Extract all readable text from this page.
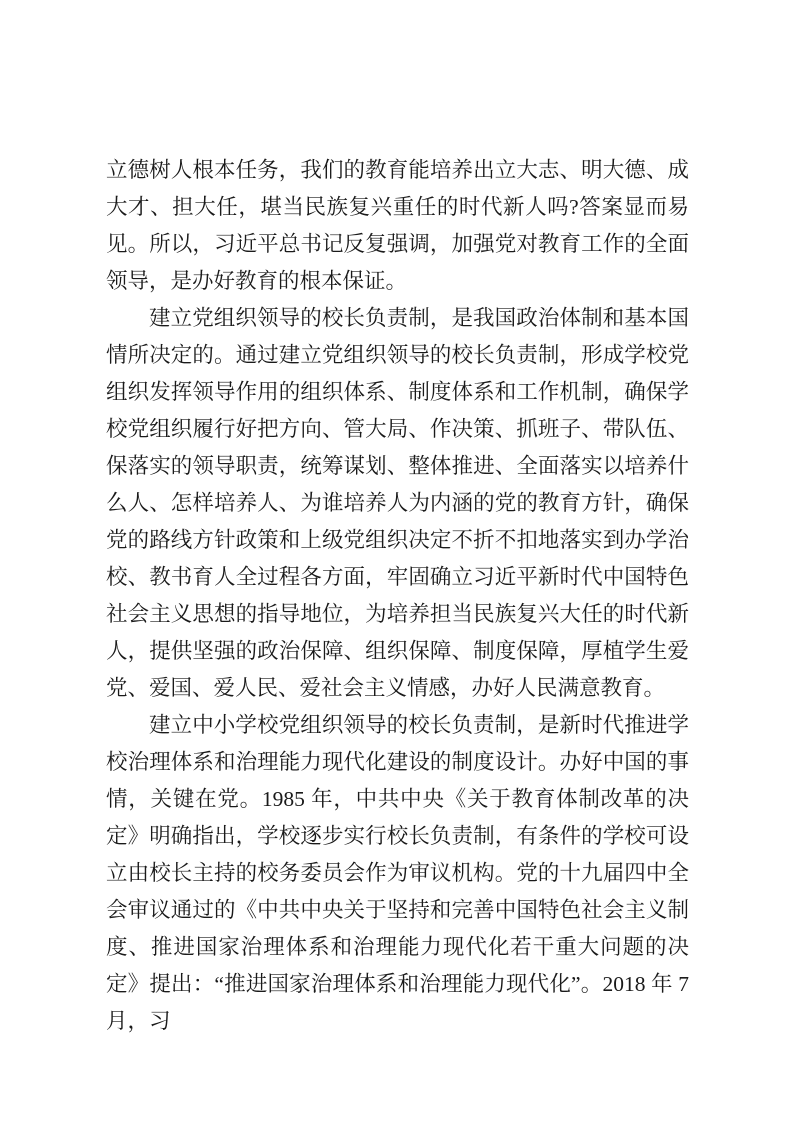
立德树人根本任务，我们的教育能培养出立大志、明大德、成大才、担大任，堪当民族复兴重任的时代新人吗?答案显而易见。所以，习近平总书记反复强调，加强党对教育工作的全面领导，是办好教育的根本保证。

建立党组织领导的校长负责制，是我国政治体制和基本国情所决定的。通过建立党组织领导的校长负责制，形成学校党组织发挥领导作用的组织体系、制度体系和工作机制，确保学校党组织履行好把方向、管大局、作决策、抓班子、带队伍、保落实的领导职责，统筹谋划、整体推进、全面落实以培养什么人、怎样培养人、为谁培养人为内涵的党的教育方针，确保党的路线方针政策和上级党组织决定不折不扣地落实到办学治校、教书育人全过程各方面，牢固确立习近平新时代中国特色社会主义思想的指导地位，为培养担当民族复兴大任的时代新人，提供坚强的政治保障、组织保障、制度保障，厚植学生爱党、爱国、爱人民、爱社会主义情感，办好人民满意教育。

建立中小学校党组织领导的校长负责制，是新时代推进学校治理体系和治理能力现代化建设的制度设计。办好中国的事情，关键在党。1985 年，中共中央《关于教育体制改革的决定》明确指出，学校逐步实行校长负责制，有条件的学校可设立由校长主持的校务委员会作为审议机构。党的十九届四中全会审议通过的《中共中央关于坚持和完善中国特色社会主义制度、推进国家治理体系和治理能力现代化若干重大问题的决定》提出：“推进国家治理体系和治理能力现代化”。2018 年 7 月，习
